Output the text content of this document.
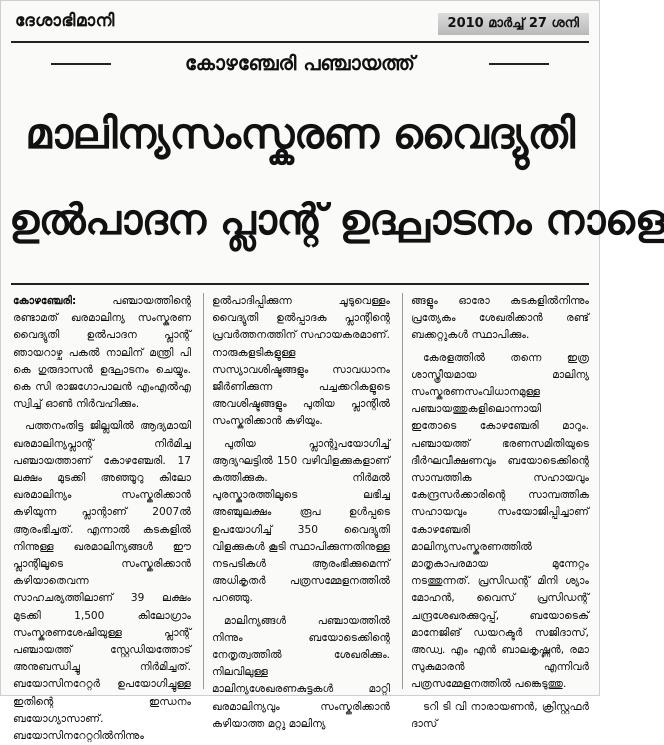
ദേശാഭിമാനി	2010 മാർച്ച് 27 ശനി
കോഴഞ്ചേരി പഞ്ചായത്ത്
മാലിന്യസംസ്കരണ വൈദ്യുതി
ഉൽപാദന പ്ലാന്റ് ഉദ്ഘാടനം നാളെ

കോഴഞ്ചേരി:	പഞ്ചായത്തിന്റെ രണ്ടാമത് ഖരമാലിന്യ സംസ്കരണ വൈദ്യുതി ഉൽപാദന പ്ലാന്റ് ഞായറാഴ്ച പകൽ നാലിന് മന്ത്രി പി കെ ഗുരുദാസൻ ഉദ്ഘാടനം ചെയ്യും. കെ സി രാജഗോപാലൻ എംഎൽഎ സ്വിച്ച് ഓൺ നിർവഹിക്കും.

പത്തനംതിട്ട ജില്ലയിൽ ആദ്യമായി ഖരമാലിന്യപ്ലാന്റ് നിർമിച്ച പഞ്ചായത്താണ് കോഴഞ്ചേരി. 17 ലക്ഷം മുടക്കി അഞ്ഞൂറു കിലോ ഖരമാലിന്യം സംസ്കരിക്കാൻ കഴിയുന്ന പ്ലാന്റാണ് 2007ൽ ആരംഭിച്ചത്. എന്നാൽ കടകളിൽ നിന്നുള്ള ഖരമാലിന്യങ്ങൾ ഈ പ്ലാന്റിലൂടെ സംസ്കരിക്കാൻ കഴിയാതെവന്ന സാഹചര്യത്തിലാണ് 39 ലക്ഷം മുടക്കി 1,500 കിലോഗ്രാം സംസ്കരണശേഷിയുള്ള പ്ലാന്റ് പഞ്ചായത്ത് സ്റ്റേഡിയത്തോട് അനുബന്ധിച്ചു നിർമിച്ചത്. ബയോസിനറേറ്റർ ഉപയോഗിച്ചുള്ള ഇതിന്റെ ഇന്ധനം ബയോഗ്യാസാണ്. ബയോസിനറേറ്ററിൽനിന്നും

ഉൽപാദിപ്പിക്കുന്ന ചൂടുവെള്ളം വൈദ്യുതി ഉൽപ്പാദക പ്ലാന്റിന്റെ പ്രവർത്തനത്തിന് സഹായകരമാണ്. നാരുകളടികളുള്ള സസ്യാവശിഷ്ടങ്ങളും സാവധാനം ജീർണിക്കുന്ന പച്ചക്കറികളുടെ അവശിഷ്ടങ്ങളും പുതിയ പ്ലാന്റിൽ സംസ്കരിക്കാൻ കഴിയും.

പുതിയ പ്ലാന്റുപയോഗിച്ച് ആദ്യഘട്ടിൽ 150 വഴിവിളക്കുകളാണ് കത്തിക്കുക. നിർമൽ പുരസ്കാരത്തിലൂടെ ലഭിച്ച അഞ്ചുലക്ഷം രൂപ ഉൾപ്പടെ ഉപയോഗിച്ച് 350 വൈദ്യുതി വിളക്കുകൾ കൂടി സ്ഥാപിക്കുന്നതിനുള്ള നടപടികൾ ആരംഭിക്കുമെന്ന് അധികൃതർ പത്രസമ്മേളനത്തിൽ പറഞ്ഞു.

മാലിന്യങ്ങൾ പഞ്ചായത്തിൽ നിന്നും ബയോടെക്കിന്റെ നേതൃത്വത്തിൽ ശേഖരിക്കും. നിലവിലുള്ള മാലിന്യശേഖരണകുട്ടകൾ മാറ്റി ഖരമാലിന്യവും സംസ്കരിക്കാൻ കഴിയാത്ത മറ്റു മാലിന്യ

ങ്ങളും ഓരോ കടകളിൽനിന്നും പ്രത്യേകം ശേഖരിക്കാൻ രണ്ട് ബക്കറ്റുകൾ സ്ഥാപിക്കും.

കേരളത്തിൽ തന്നെ ഇത്ര ശാസ്ത്രീയമായ മാലിന്യ സംസ്കരണസംവിധാനമുള്ള പഞ്ചായത്തുകളിലൊന്നായി ഇതോടെ കോഴഞ്ചേരി മാറും. പഞ്ചായത്ത് ഭരണസമിതിയുടെ ദീർഘവീക്ഷണവും ബയോടെക്കിന്റെ സാമ്പത്തിക സഹായവും കേന്ദ്രസർക്കാരിന്റെ സാമ്പത്തിക സഹായവും സംയോജിപ്പിച്ചാണ് കോഴഞ്ചേരി മാലിന്യസംസ്കരണത്തിൽ മാതൃകാപരമായ മുന്നേറ്റം നടത്തുന്നത്. പ്രസിഡന്റ് മിനി ശ്യാം മോഹൻ, വൈസ് പ്രസിഡന്റ് ചന്ദ്രശേഖരക്കുറുപ്പ്, ബയോടെക് മാനേജിങ് ഡയറക്ടർ സജിദാസ്, അഡ്വ. എം എൻ ബാലകൃഷ്ണൻ, രമാ സുകുമാരൻ എന്നിവർ പത്രസമ്മേളനത്തിൽ പങ്കെടുത്തു.

ടറി ടി വി നാരായണൻ, ക്രിസ്റ്റഫർ ദാസ്
